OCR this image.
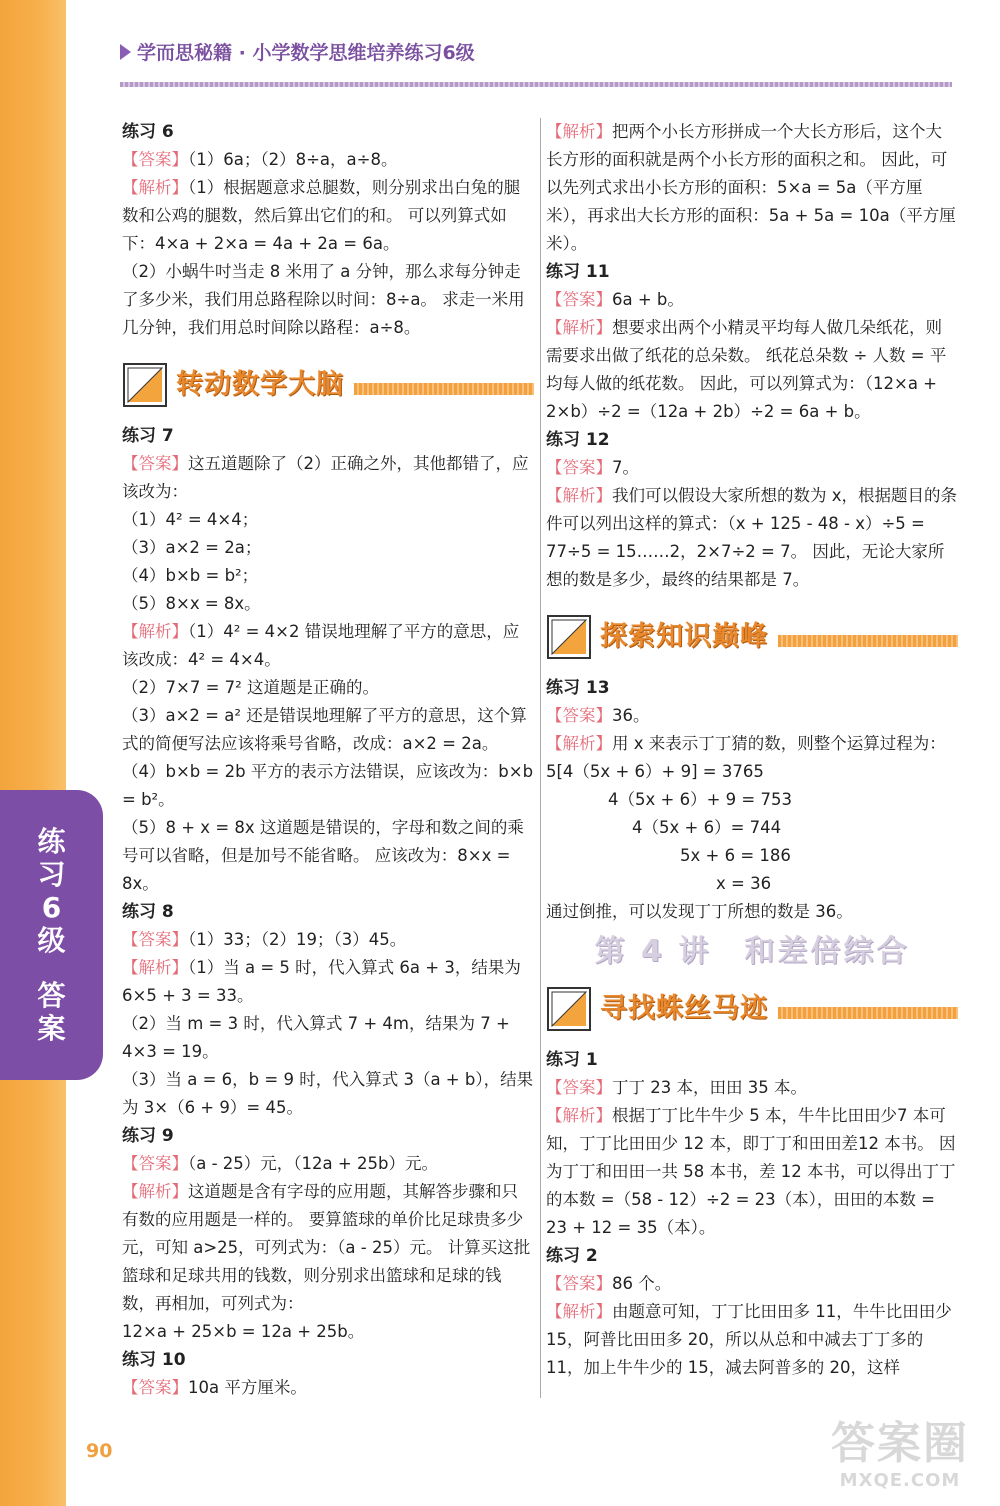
学而思秘籍 · 小学数学思维培养练习6级
练习 6

【答案】（1）6a；（2）8÷a，a÷8。

【解析】（1）根据题意求总腿数，则分别求出白兔的腿数和公鸡的腿数，然后算出它们的和。 可以列算式如下：4×a + 2×a = 4a + 2a = 6a。

（2）小蜗牛吋当走 8 米用了 a 分钟，那么求每分钟走了多少米，我们用总路程除以时间：8÷a。 求走一米用几分钟，我们用总时间除以路程：a÷8。

转动数学大脑
练习 7

【答案】这五道题除了（2）正确之外，其他都错了，应该改为：

（1）4² = 4×4；

（3）a×2 = 2a；

（4）b×b = b²；

（5）8×x = 8x。

【解析】（1）4² = 4×2 错误地理解了平方的意思，应该改成：4² = 4×4。

（2）7×7 = 7² 这道题是正确的。

（3）a×2 = a² 还是错误地理解了平方的意思，这个算式的简便写法应该将乘号省略，改成：a×2 = 2a。

（4）b×b = 2b 平方的表示方法错误，应该改为：b×b = b²。

（5）8 + x = 8x 这道题是错误的，字母和数之间的乘号可以省略，但是加号不能省略。 应该改为：8×x = 8x。

练习 8

【答案】（1）33；（2）19；（3）45。

【解析】（1）当 a = 5 时，代入算式 6a + 3，结果为 6×5 + 3 = 33。

（2）当 m = 3 时，代入算式 7 + 4m，结果为 7 + 4×3 = 19。

（3）当 a = 6，b = 9 时，代入算式 3（a + b），结果为 3×（6 + 9）= 45。

练习 9

【答案】（a - 25）元，（12a + 25b）元。

【解析】这道题是含有字母的应用题，其解答步骤和只有数的应用题是一样的。 要算篮球的单价比足球贵多少元，可知 a>25，可列式为：（a - 25）元。 计算买这批篮球和足球共用的钱数，则分别求出篮球和足球的钱数，再相加，可列式为：

12×a + 25×b = 12a + 25b。

练习 10

【答案】10a 平方厘米。

【解析】把两个小长方形拼成一个大长方形后，这个大长方形的面积就是两个小长方形的面积之和。 因此，可以先列式求出小长方形的面积：5×a = 5a（平方厘米），再求出大长方形的面积：5a + 5a = 10a（平方厘米）。

练习 11

【答案】6a + b。

【解析】想要求出两个小精灵平均每人做几朵纸花，则需要求出做了纸花的总朵数。 纸花总朵数 ÷ 人数 = 平均每人做的纸花数。 因此，可以列算式为：（12×a + 2×b）÷2 =（12a + 2b）÷2 = 6a + b。

练习 12

【答案】7。

【解析】我们可以假设大家所想的数为 x，根据题目的条件可以列出这样的算式：（x + 125 - 48 - x）÷5 = 77÷5 = 15……2，2×7÷2 = 7。 因此，无论大家所想的数是多少，最终的结果都是 7。

探索知识巅峰
练习 13

【答案】36。

【解析】用 x 来表示丁丁猜的数，则整个运算过程为：5[4（5x + 6）+ 9] = 3765

4（5x + 6）+ 9 = 753

4（5x + 6）= 744

5x + 6 = 186

x = 36

通过倒推，可以发现丁丁所想的数是 36。

第 4 讲　和差倍综合
寻找蛛丝马迹
练习 1

【答案】丁丁 23 本，田田 35 本。

【解析】根据丁丁比牛牛少 5 本，牛牛比田田少7 本可知，丁丁比田田少 12 本，即丁丁和田田差12 本书。 因为丁丁和田田一共 58 本书，差 12 本书，可以得出丁丁的本数 =（58 - 12）÷2 = 23（本），田田的本数 = 23 + 12 = 35（本）。

练习 2

【答案】86 个。

【解析】由题意可知，丁丁比田田多 11，牛牛比田田少 15，阿普比田田多 20，所以从总和中减去丁丁多的 11，加上牛牛少的 15，减去阿普多的 20，这样

练
习
6
级
答
案
90	答案圈
MXQE.COM
